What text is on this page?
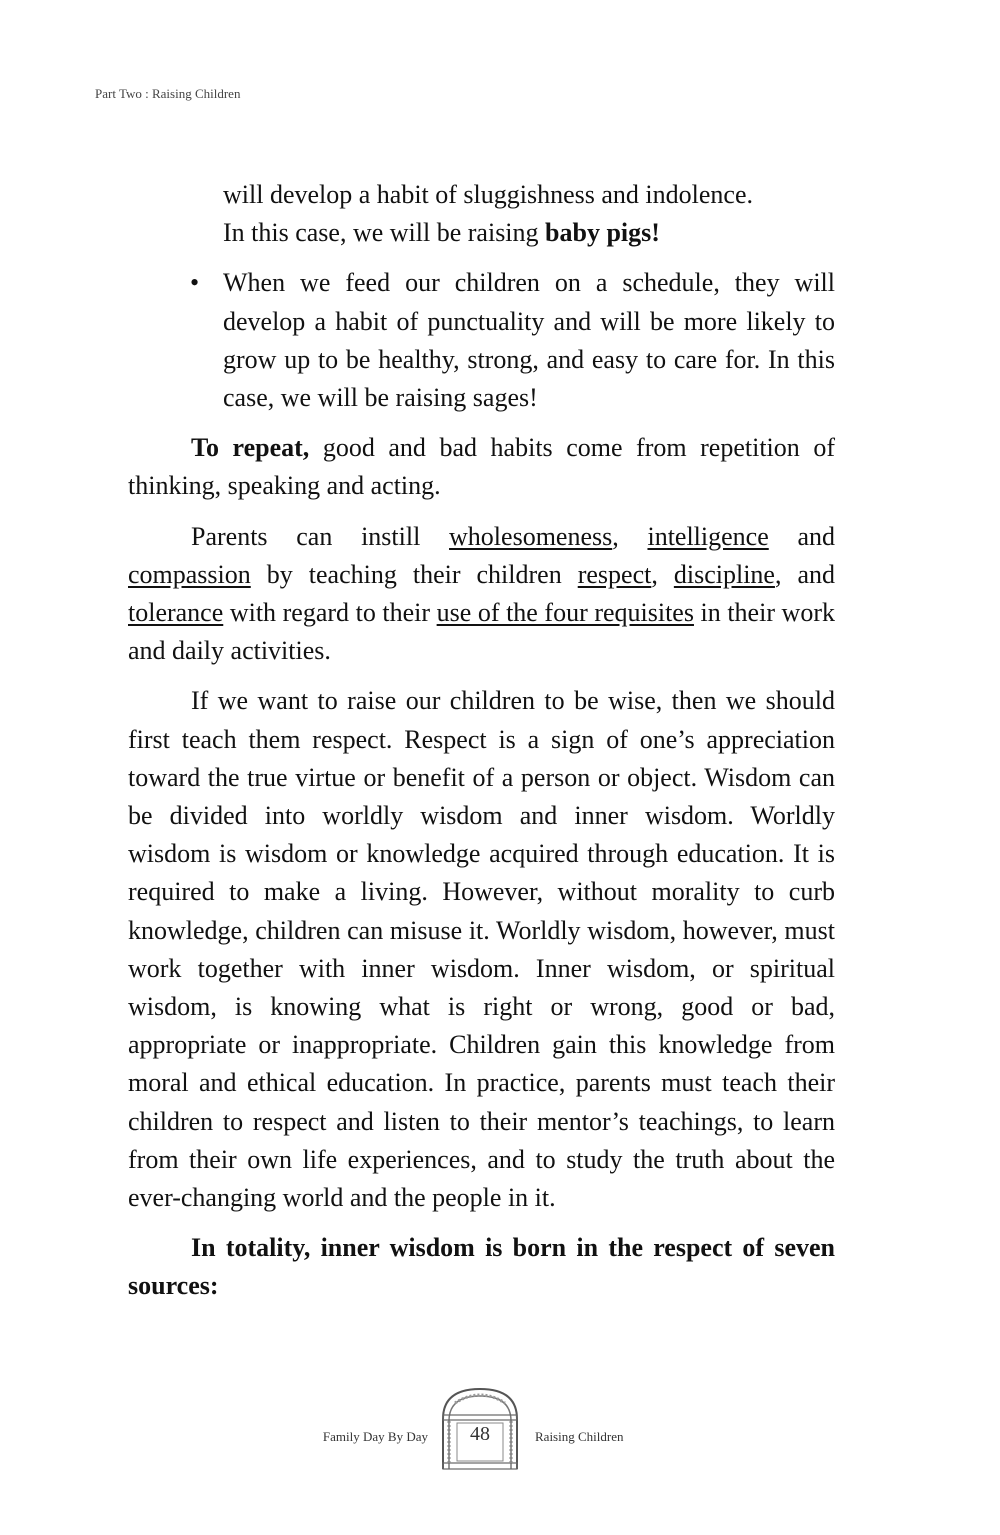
Part Two : Raising Children

will develop a habit of sluggishness and indolence.
In this case, we will be raising baby pigs!

• When we feed our children on a schedule, they will develop a habit of punctuality and will be more likely to grow up to be healthy, strong, and easy to care for. In this case, we will be raising sages!

To repeat, good and bad habits come from repetition of thinking, speaking and acting.

Parents can instill wholesomeness, intelligence and compassion by teaching their children respect, discipline, and tolerance with regard to their use of the four requisites in their work and daily activities.

If we want to raise our children to be wise, then we should first teach them respect. Respect is a sign of one’s appreciation toward the true virtue or benefit of a person or object. Wisdom can be divided into worldly wisdom and inner wisdom. Worldly wisdom is wisdom or knowledge acquired through education. It is required to make a living. However, without morality to curb knowledge, children can misuse it. Worldly wisdom, however, must work together with inner wisdom. Inner wisdom, or spiritual wisdom, is knowing what is right or wrong, good or bad, appropriate or inappropriate. Children gain this knowledge from moral and ethical education. In practice, parents must teach their children to respect and listen to their mentor’s teachings, to learn from their own life experiences, and to study the truth about the ever-changing world and the people in it.

In totality, inner wisdom is born in the respect of seven sources:

Family Day By Day	48	Raising Children
